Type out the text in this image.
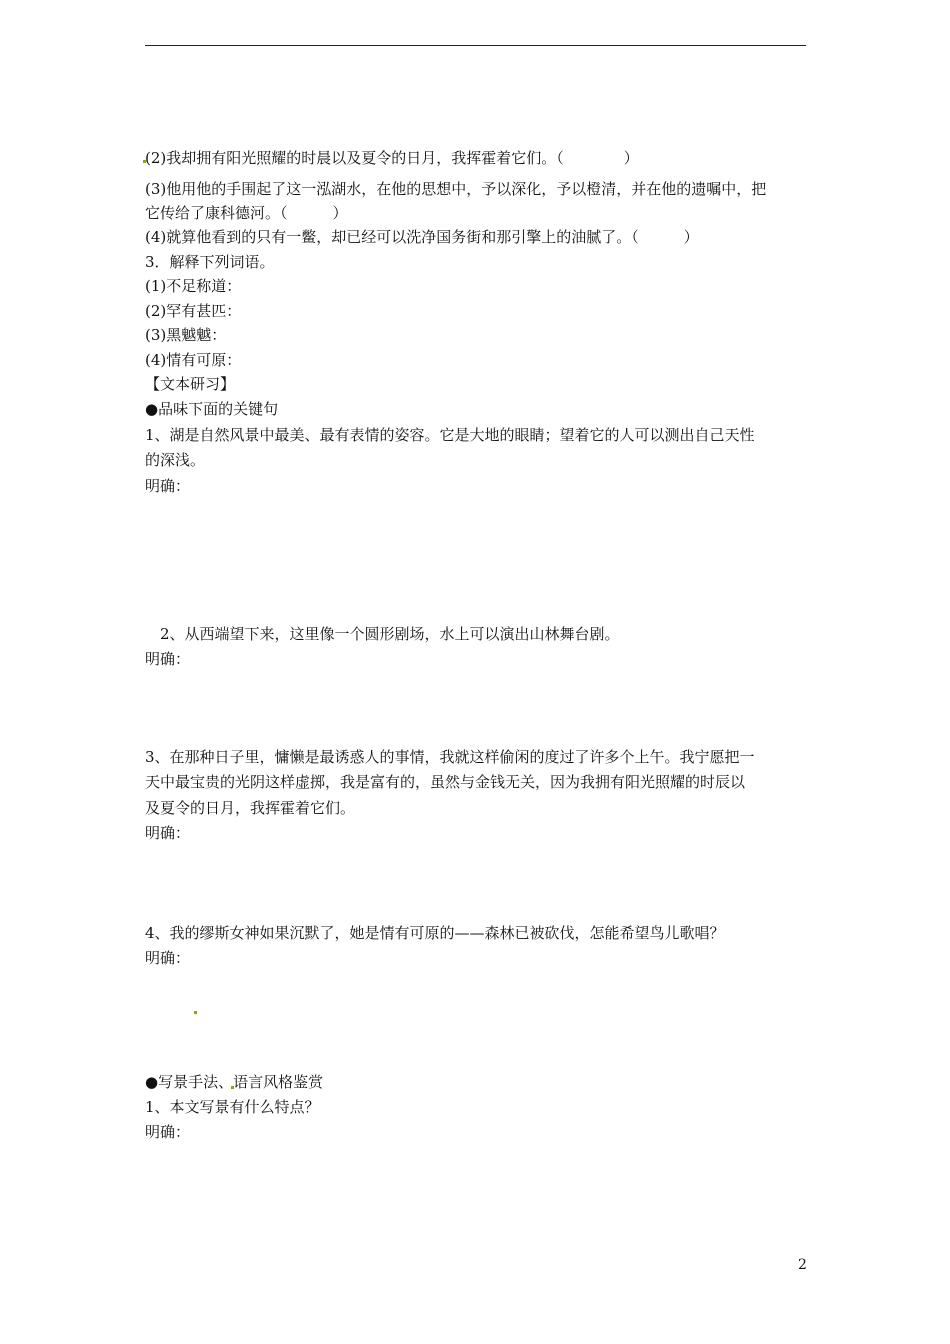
(2)我却拥有阳光照耀的时晨以及夏令的日月，我挥霍着它们。（　　　　）
(3)他用他的手围起了这一泓湖水，在他的思想中，予以深化，予以橙清，并在他的遗嘱中，把
它传给了康科德河。（　　　）
(4)就算他看到的只有一鳖，却已经可以洗净国务街和那引擎上的油腻了。（　　　）
3．解释下列词语。
(1)不足称道：
(2)罕有甚匹：
(3)黑魆魆：
(4)情有可原：
【文本研习】
●品味下面的关键句
1、湖是自然风景中最美、最有表情的姿容。它是大地的眼睛；望着它的人可以测出自己天性
的深浅。
明确：
　2、从西端望下来，这里像一个圆形剧场，水上可以演出山林舞台剧。
明确：
3、在那种日子里，慵懒是最诱惑人的事情，我就这样偷闲的度过了许多个上午。我宁愿把一
天中最宝贵的光阴这样虚掷，我是富有的，虽然与金钱无关，因为我拥有阳光照耀的时辰以
及夏令的日月，我挥霍着它们。
明确：
4、我的缪斯女神如果沉默了，她是情有可原的——森林已被砍伐，怎能希望鸟儿歌唱？
明确：
●写景手法、语言风格鉴赏
1、本文写景有什么特点？
明确：
2
